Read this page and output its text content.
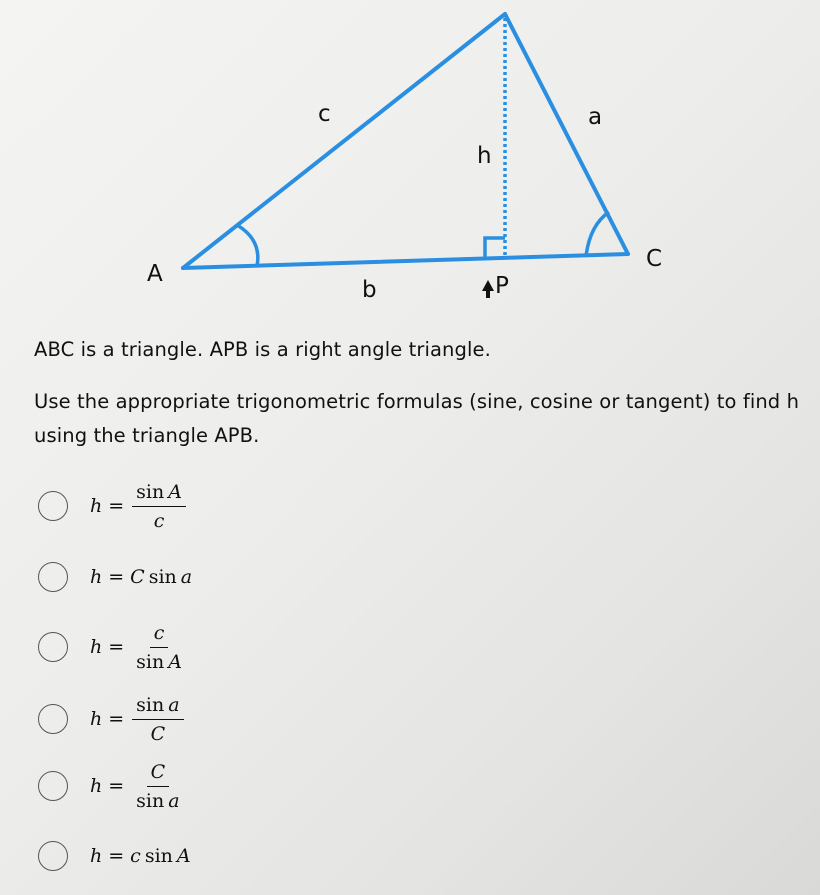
A
c
h
a
C
b	P
ABC is a triangle. APB is a right angle triangle.
Use the appropriate trigonometric formulas (sine, cosine or tangent) to find h
using the triangle APB.
$h = \frac{\text{sin A}}{c}$
h = C sin a
$h = \frac{c}{\text{sin A}}$
$h = \frac{\text{sin a}}{C}$
$h = \frac{C}{\text{sin a}}$
h = c sin A
